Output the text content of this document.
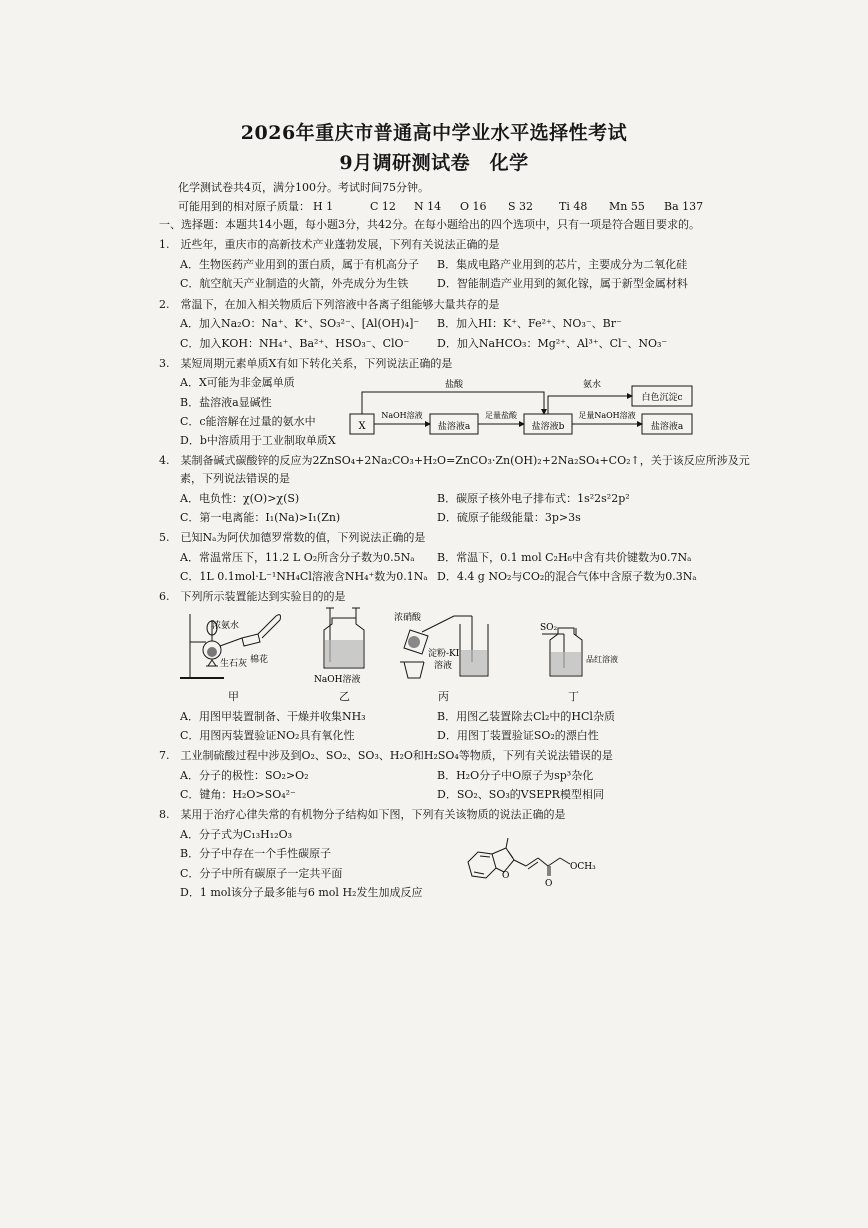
2026年重庆市普通高中学业水平选择性考试
9月调研测试卷　化学
化学测试卷共4页，满分100分。考试时间75分钟。
可能用到的相对原子质量： H 1	C 12 N 14 O 16 S 32 Ti 48 Mn 55 Ba 137
一、选择题：本题共14小题，每小题3分，共42分。在每小题给出的四个选项中，只有一项是符合题目要求的。
1.　近些年，重庆市的高新技术产业蓬勃发展，下列有关说法正确的是
A．生物医药产业用到的蛋白质，属于有机高分子 B．集成电路产业用到的芯片，主要成分为二氧化硅
C．航空航天产业制造的火箭，外壳成分为生铁	D．智能制造产业用到的氮化镓，属于新型金属材料
2.　常温下，在加入相关物质后下列溶液中各离子组能够大量共存的是
A．加入Na₂O：Na⁺、K⁺、SO₃²⁻、[Al(OH)₄]⁻ B．加入HI：K⁺、Fe²⁺、NO₃⁻、Br⁻
C．加入KOH：NH₄⁺、Ba²⁺、HSO₃⁻、ClO⁻	D．加入NaHCO₃：Mg²⁺、Al³⁺、Cl⁻、NO₃⁻
3.　某短周期元素单质X有如下转化关系，下列说法正确的是
A．X可能为非金属单质
B．盐溶液a显碱性
C．c能溶解在过量的氨水中
D．b中溶质用于工业制取单质X
X	盐溶液a	盐溶液b
白色沉淀c
盐溶液a
盐酸	氨水
NaOH溶液	足量盐酸	足量NaOH溶液
4.　某制备碱式碳酸锌的反应为2ZnSO₄+2Na₂CO₃+H₂O=ZnCO₃·Zn(OH)₂+2Na₂SO₄+CO₂↑，关于该反应所涉及元
素，下列说法错误的是
A．电负性：χ(O)>χ(S)	B．碳原子核外电子排布式：1s²2s²2p²
C．第一电离能：I₁(Na)>I₁(Zn)	D．硫原子能级能量：3p>3s
5.　已知Nₐ为阿伏加德罗常数的值，下列说法正确的是
A．常温常压下，11.2 L O₂所含分子数为0.5Nₐ B．常温下，0.1 mol C₂H₆中含有共价键数为0.7Nₐ
C．1L 0.1mol·L⁻¹NH₄Cl溶液含NH₄⁺数为0.1Nₐ D．4.4 g NO₂与CO₂的混合气体中含原子数为0.3Nₐ
6.　下列所示装置能达到实验目的的是
浓氨水
棉花
生石灰
NaOH溶液
浓硝酸
淀粉-KI
溶液
SO₂
品红溶液
甲	乙	丙	丁
A．用图甲装置制备、干燥并收集NH₃	B．用图乙装置除去Cl₂中的HCl杂质
C．用图丙装置验证NO₂具有氧化性	D．用图丁装置验证SO₂的漂白性
7.　工业制硫酸过程中涉及到O₂、SO₂、SO₃、H₂O和H₂SO₄等物质，下列有关说法错误的是
A．分子的极性：SO₂>O₂	B．H₂O分子中O原子为sp³杂化
C．键角：H₂O>SO₄²⁻	D．SO₂、SO₃的VSEPR模型相同
8.　某用于治疗心律失常的有机物分子结构如下图，下列有关该物质的说法正确的是
A．分子式为C₁₃H₁₂O₃
B．分子中存在一个手性碳原子
C．分子中所有碳原子一定共平面
D．1 mol该分子最多能与6 mol H₂发生加成反应
O
O
OCH₃
